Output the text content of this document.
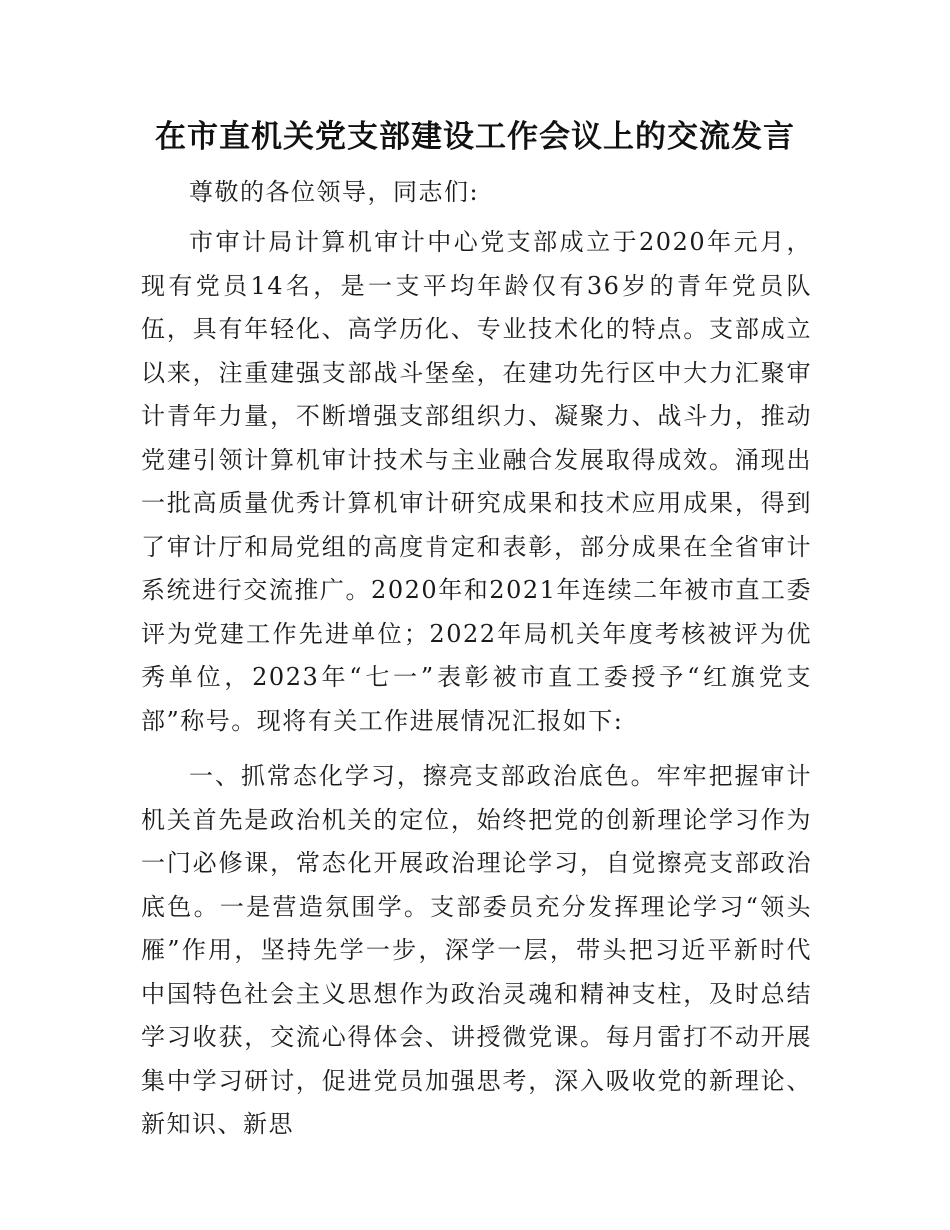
在市直机关党支部建设工作会议上的交流发言

尊敬的各位领导，同志们:

市审计局计算机审计中心党支部成立于2020年元月，现有党员14名，是一支平均年龄仅有36岁的青年党员队伍，具有年轻化、高学历化、专业技术化的特点。支部成立以来，注重建强支部战斗堡垒，在建功先行区中大力汇聚审计青年力量，不断增强支部组织力、凝聚力、战斗力，推动党建引领计算机审计技术与主业融合发展取得成效。涌现出一批高质量优秀计算机审计研究成果和技术应用成果，得到了审计厅和局党组的高度肯定和表彰，部分成果在全省审计系统进行交流推广。2020年和2021年连续二年被市直工委评为党建工作先进单位；2022年局机关年度考核被评为优秀单位，2023年“七一”表彰被市直工委授予“红旗党支部”称号。现将有关工作进展情况汇报如下:

一、抓常态化学习，擦亮支部政治底色。牢牢把握审计机关首先是政治机关的定位，始终把党的创新理论学习作为一门必修课，常态化开展政治理论学习，自觉擦亮支部政治底色。一是营造氛围学。支部委员充分发挥理论学习“领头雁”作用，坚持先学一步，深学一层，带头把习近平新时代中国特色社会主义思想作为政治灵魂和精神支柱，及时总结学习收获，交流心得体会、讲授微党课。每月雷打不动开展集中学习研讨，促进党员加强思考，深入吸收党的新理论、新知识、新思
